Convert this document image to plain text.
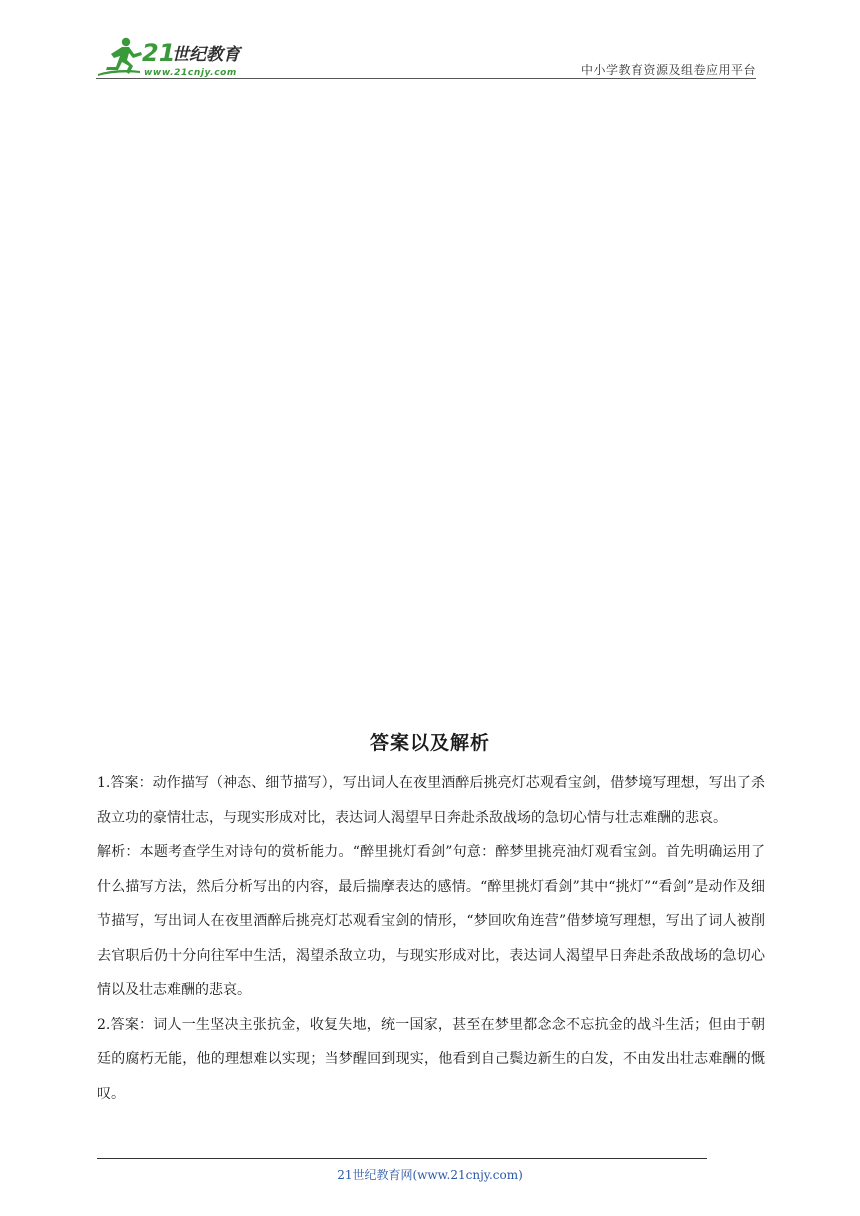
21
世纪教育
www.21cnjy.com	中小学教育资源及组卷应用平台
答案以及解析

1.答案：动作描写（神态、细节描写），写出词人在夜里酒醉后挑亮灯芯观看宝剑，借梦境写理想，写出了杀敌立功的豪情壮志，与现实形成对比，表达词人渴望早日奔赴杀敌战场的急切心情与壮志难酬的悲哀。

解析：本题考查学生对诗句的赏析能力。“醉里挑灯看剑”句意：醉梦里挑亮油灯观看宝剑。首先明确运用了什么描写方法，然后分析写出的内容，最后揣摩表达的感情。“醉里挑灯看剑”其中“挑灯”“看剑”是动作及细节描写，写出词人在夜里酒醉后挑亮灯芯观看宝剑的情形，“梦回吹角连营”借梦境写理想，写出了词人被削去官职后仍十分向往军中生活，渴望杀敌立功，与现实形成对比，表达词人渴望早日奔赴杀敌战场的急切心情以及壮志难酬的悲哀。

2.答案：词人一生坚决主张抗金，收复失地，统一国家，甚至在梦里都念念不忘抗金的战斗生活；但由于朝廷的腐朽无能，他的理想难以实现；当梦醒回到现实，他看到自己鬓边新生的白发，不由发出壮志难酬的慨叹。

21世纪教育网(www.21cnjy.com)
